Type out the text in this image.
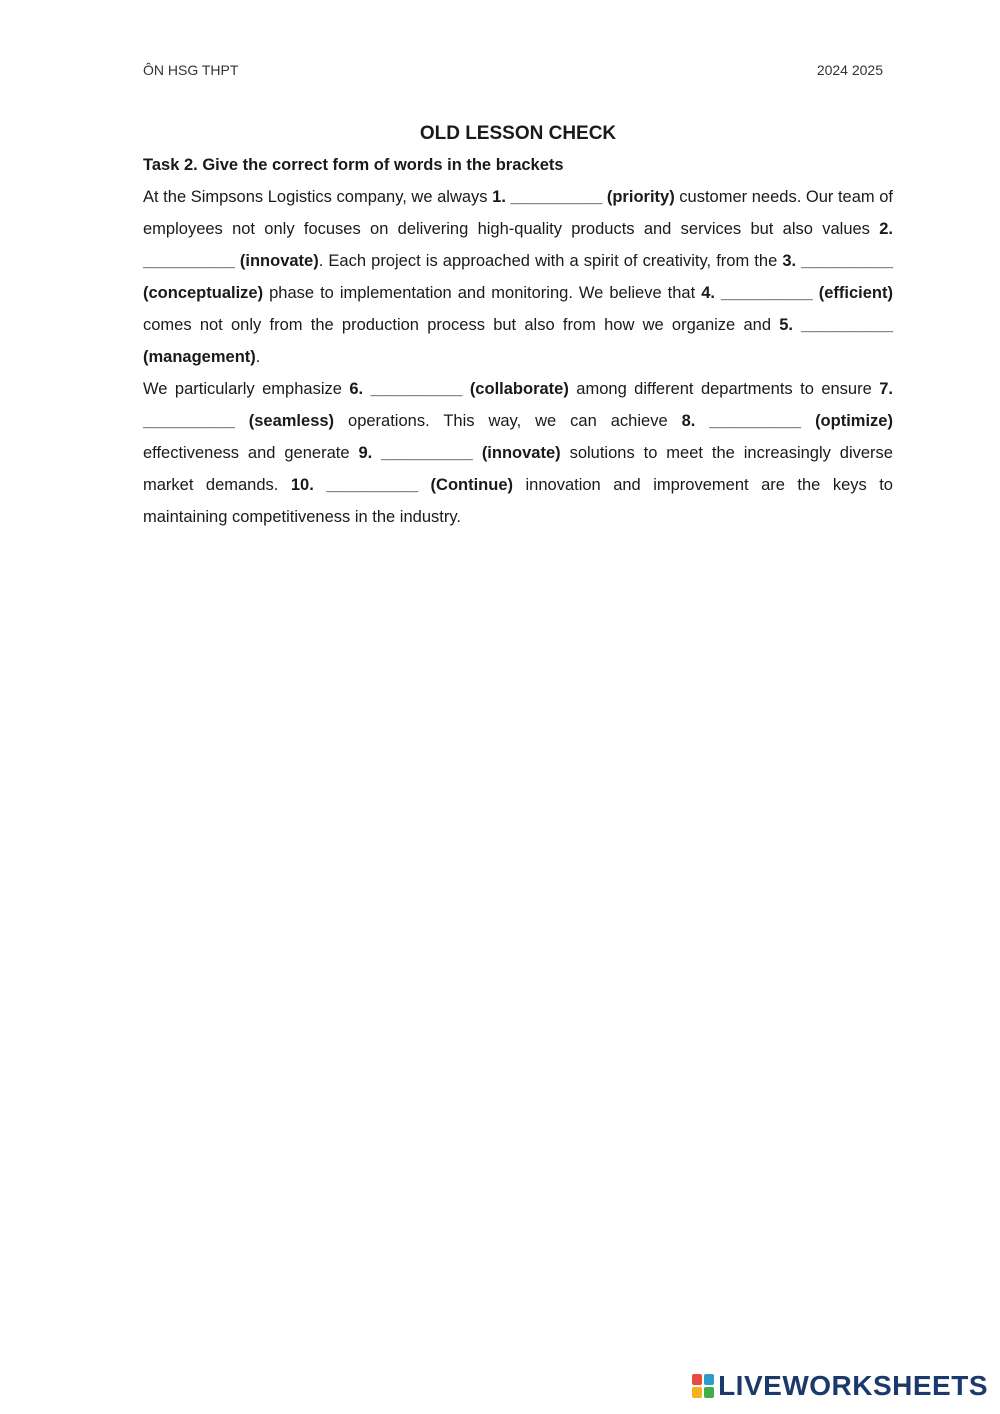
ÔN HSG THPT	2024 2025
OLD LESSON CHECK
Task 2. Give the correct form of words in the brackets

At the Simpsons Logistics company, we always 1. __________ (priority) customer needs. Our team of employees not only focuses on delivering high-quality products and services but also values 2. __________ (innovate). Each project is approached with a spirit of creativity, from the 3. __________ (conceptualize) phase to implementation and monitoring. We believe that 4. __________ (efficient) comes not only from the production process but also from how we organize and 5. __________ (management).

We particularly emphasize 6. __________ (collaborate) among different departments to ensure 7. __________ (seamless) operations. This way, we can achieve 8. __________ (optimize) effectiveness and generate 9. __________ (innovate) solutions to meet the increasingly diverse market demands. 10. __________ (Continue) innovation and improvement are the keys to maintaining competitiveness in the industry.

LIVEWORKSHEETS
